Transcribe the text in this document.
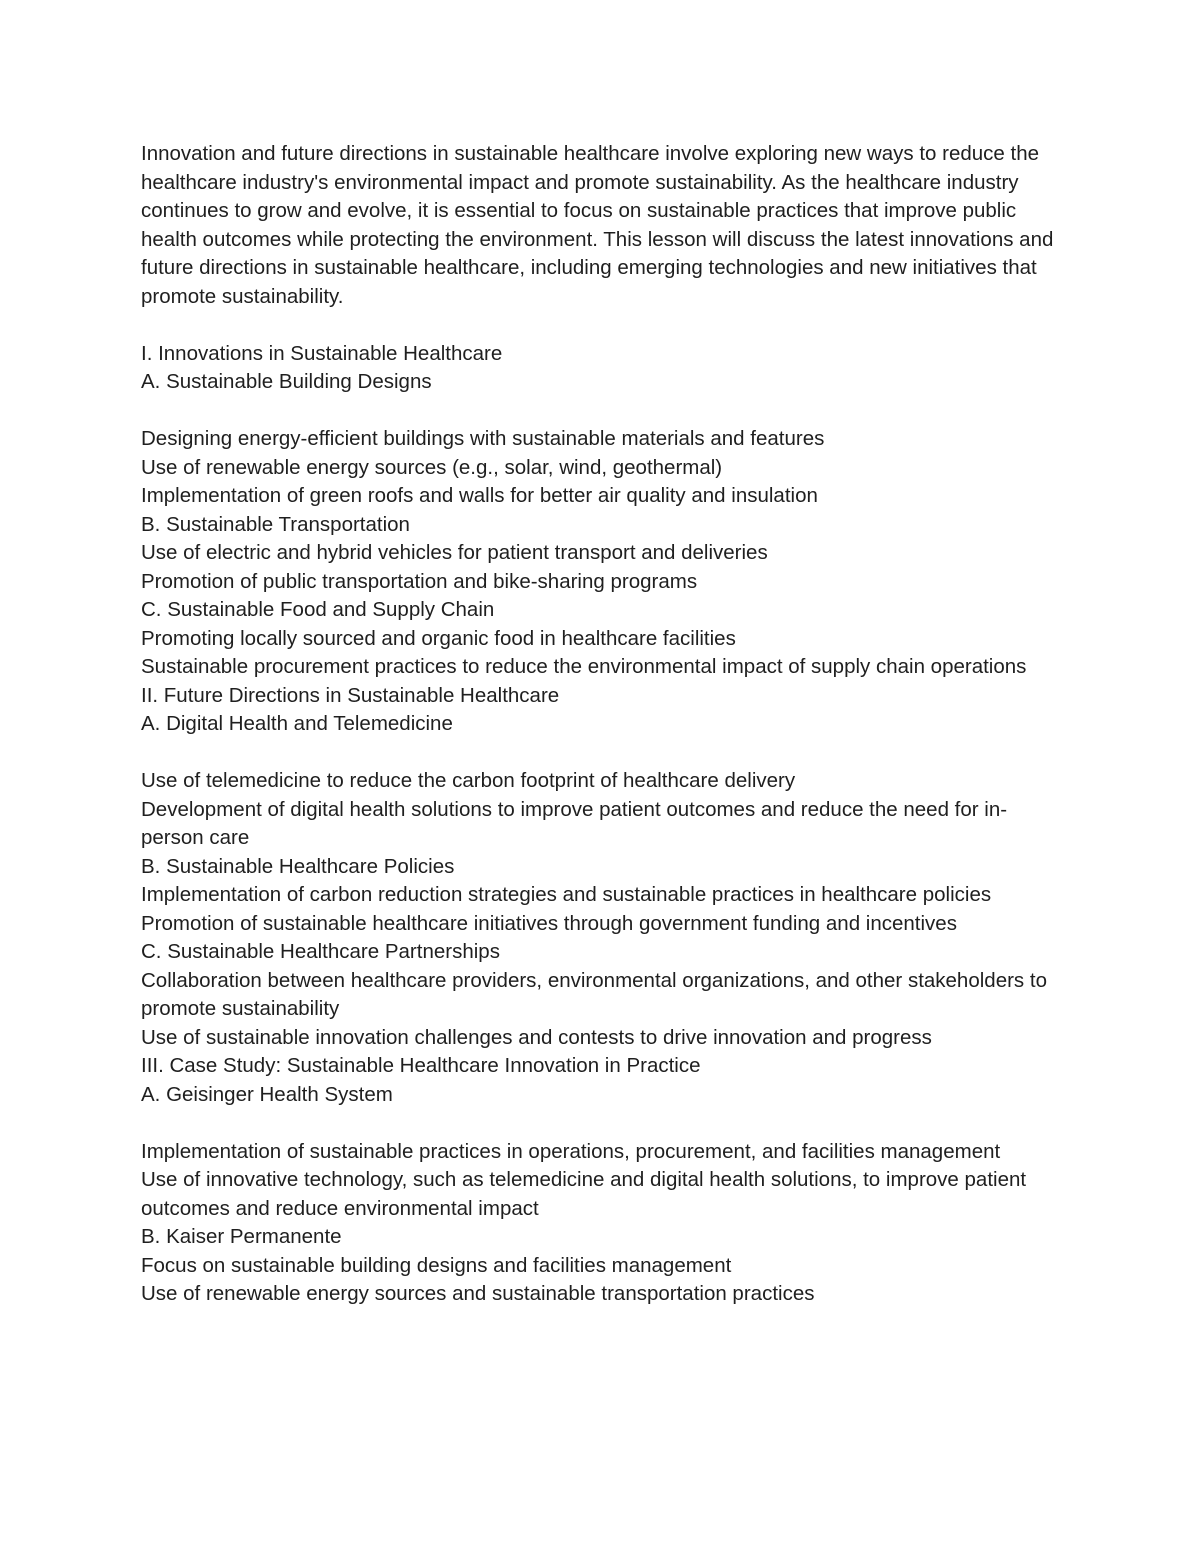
Innovation and future directions in sustainable healthcare involve exploring new ways to reduce the healthcare industry's environmental impact and promote sustainability. As the healthcare industry continues to grow and evolve, it is essential to focus on sustainable practices that improve public health outcomes while protecting the environment. This lesson will discuss the latest innovations and future directions in sustainable healthcare, including emerging technologies and new initiatives that promote sustainability.

I. Innovations in Sustainable Healthcare
A. Sustainable Building Designs
Designing energy-efficient buildings with sustainable materials and features
Use of renewable energy sources (e.g., solar, wind, geothermal)
Implementation of green roofs and walls for better air quality and insulation
B. Sustainable Transportation
Use of electric and hybrid vehicles for patient transport and deliveries
Promotion of public transportation and bike-sharing programs
C. Sustainable Food and Supply Chain
Promoting locally sourced and organic food in healthcare facilities
Sustainable procurement practices to reduce the environmental impact of supply chain operations
II. Future Directions in Sustainable Healthcare
A. Digital Health and Telemedicine
Use of telemedicine to reduce the carbon footprint of healthcare delivery
Development of digital health solutions to improve patient outcomes and reduce the need for in-person care
B. Sustainable Healthcare Policies
Implementation of carbon reduction strategies and sustainable practices in healthcare policies
Promotion of sustainable healthcare initiatives through government funding and incentives
C. Sustainable Healthcare Partnerships
Collaboration between healthcare providers, environmental organizations, and other stakeholders to promote sustainability
Use of sustainable innovation challenges and contests to drive innovation and progress
III. Case Study: Sustainable Healthcare Innovation in Practice
A. Geisinger Health System
Implementation of sustainable practices in operations, procurement, and facilities management
Use of innovative technology, such as telemedicine and digital health solutions, to improve patient outcomes and reduce environmental impact
B. Kaiser Permanente
Focus on sustainable building designs and facilities management
Use of renewable energy sources and sustainable transportation practices
